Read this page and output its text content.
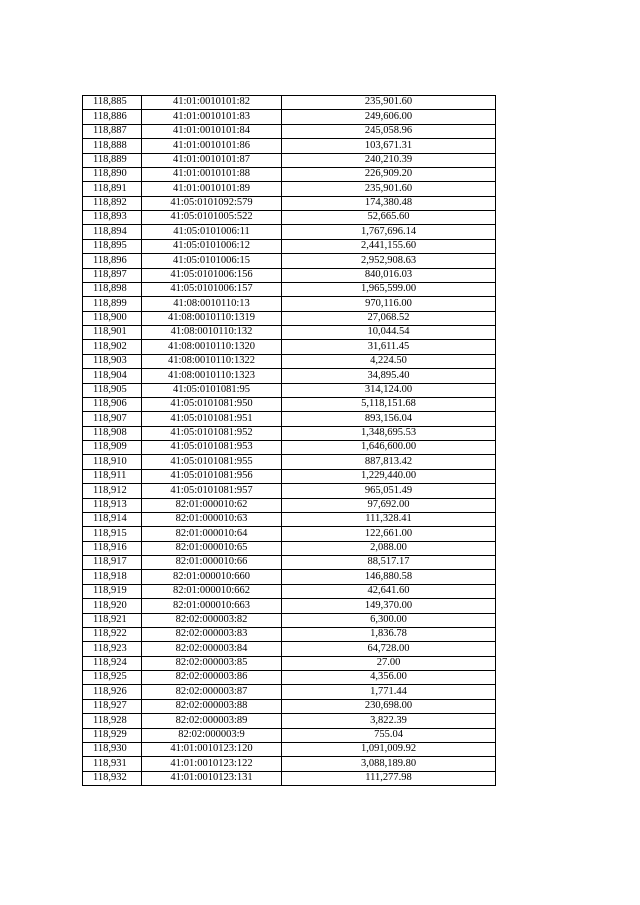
118,885	41:01:0010101:82	235,901.60
118,886	41:01:0010101:83	249,606.00
118,887	41:01:0010101:84	245,058.96
118,888	41:01:0010101:86	103,671.31
118,889	41:01:0010101:87	240,210.39
118,890	41:01:0010101:88	226,909.20
118,891	41:01:0010101:89	235,901.60
118,892	41:05:0101092:579	174,380.48
118,893	41:05:0101005:522	52,665.60
118,894	41:05:0101006:11	1,767,696.14
118,895	41:05:0101006:12	2,441,155.60
118,896	41:05:0101006:15	2,952,908.63
118,897	41:05:0101006:156	840,016.03
118,898	41:05:0101006:157	1,965,599.00
118,899	41:08:0010110:13	970,116.00
118,900	41:08:0010110:1319	27,068.52
118,901	41:08:0010110:132	10,044.54
118,902	41:08:0010110:1320	31,611.45
118,903	41:08:0010110:1322	4,224.50
118,904	41:08:0010110:1323	34,895.40
118,905	41:05:0101081:95	314,124.00
118,906	41:05:0101081:950	5,118,151.68
118,907	41:05:0101081:951	893,156.04
118,908	41:05:0101081:952	1,348,695.53
118,909	41:05:0101081:953	1,646,600.00
118,910	41:05:0101081:955	887,813.42
118,911	41:05:0101081:956	1,229,440.00
118,912	41:05:0101081:957	965,051.49
118,913	82:01:000010:62	97,692.00
118,914	82:01:000010:63	111,328.41
118,915	82:01:000010:64	122,661.00
118,916	82:01:000010:65	2,088.00
118,917	82:01:000010:66	88,517.17
118,918	82:01:000010:660	146,880.58
118,919	82:01:000010:662	42,641.60
118,920	82:01:000010:663	149,370.00
118,921	82:02:000003:82	6,300.00
118,922	82:02:000003:83	1,836.78
118,923	82:02:000003:84	64,728.00
118,924	82:02:000003:85	27.00
118,925	82:02:000003:86	4,356.00
118,926	82:02:000003:87	1,771.44
118,927	82:02:000003:88	230,698.00
118,928	82:02:000003:89	3,822.39
118,929	82:02:000003:9	755.04
118,930	41:01:0010123:120	1,091,009.92
118,931	41:01:0010123:122	3,088,189.80
118,932	41:01:0010123:131	111,277.98
